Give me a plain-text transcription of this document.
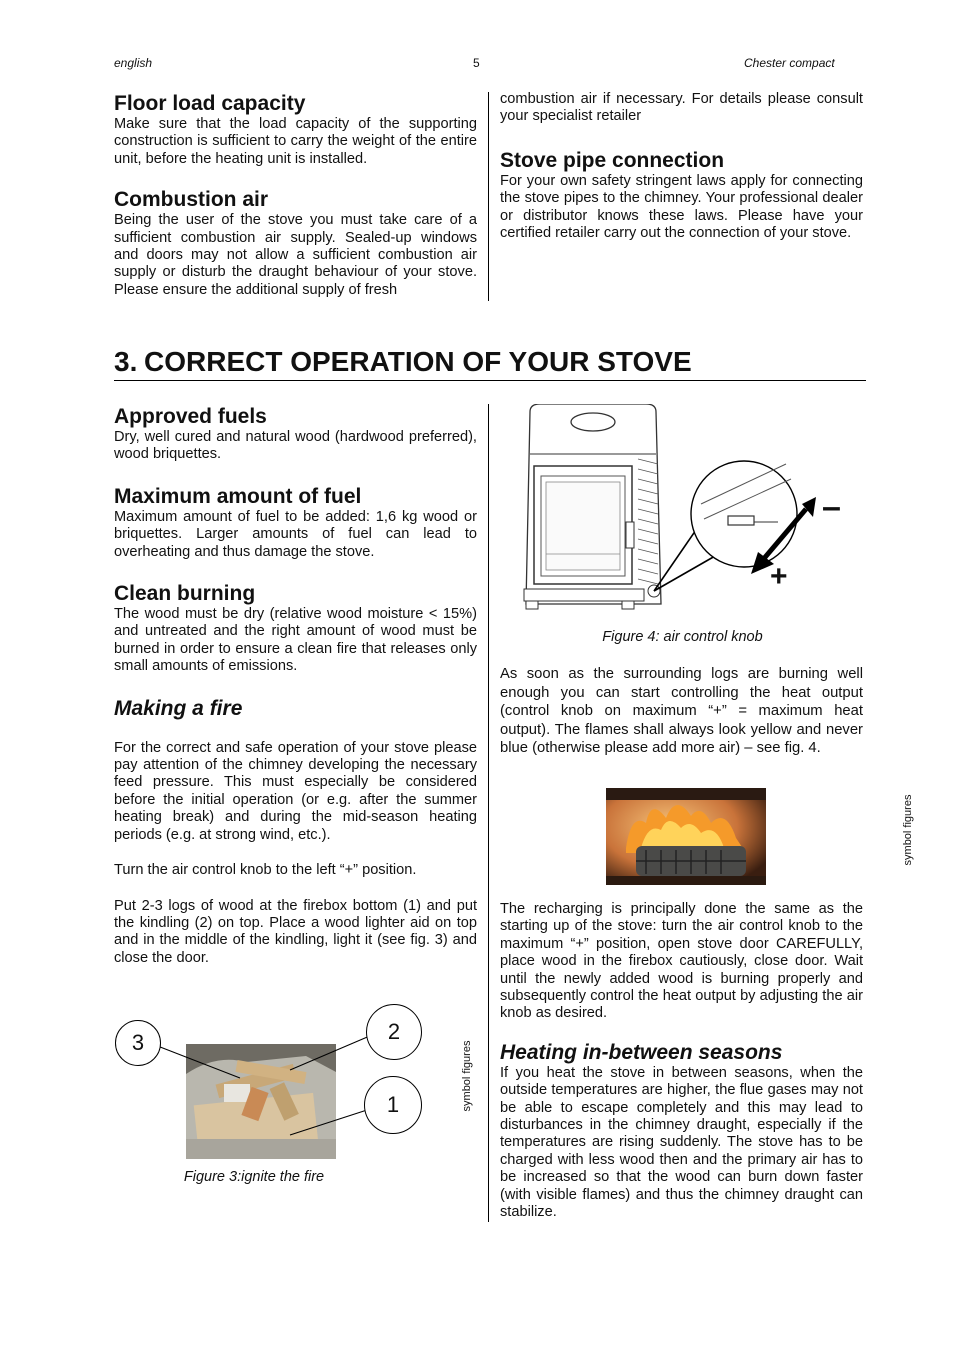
english	5	Chester compact
Floor load capacity

Make sure that the load capacity of the supporting construction is sufficient to carry the weight of the entire unit, before the heating unit is installed.

Combustion air

Being the user of the stove you must take care of a sufficient combustion air supply. Sealed-up windows and doors may not allow a sufficient combustion air supply or disturb the draught behaviour of your stove. Please ensure the additional supply of fresh

combustion air if necessary. For details please consult your specialist retailer

Stove pipe connection

For your own safety stringent laws apply for connecting the stove pipes to the chimney. Your professional dealer or distributor knows these laws. Please have your certified retailer carry out the connection of your stove.

3. CORRECT OPERATION OF YOUR STOVE
Approved fuels

Dry, well cured and natural wood (hardwood preferred), wood briquettes.

Maximum amount of fuel

Maximum amount of fuel to be added: 1,6 kg wood or briquettes. Larger amounts of fuel can lead to overheating and thus damage the stove.

Clean burning

The wood must be dry (relative wood moisture < 15%) and untreated and the right amount of wood must be burned in order to ensure a clean fire that releases only small amounts of emissions.

Making a fire

For the correct and safe operation of your stove please pay attention of the chimney developing the necessary feed pressure. This must especially be considered before the initial operation (or e.g. after the summer heating break) and during the mid-season heating periods (e.g. at strong wind, etc.).

Turn the air control knob to the left “+” position.

Put 2-3 logs of wood at the firebox bottom (1) and put the kindling (2) on top. Place a wood lighter aid on top and in the middle of the kindling, light it (see fig. 3) and close the door.

3	2
1
Figure 3:ignite the fire
symbol figures
–
+
Figure 4: air control knob

As soon as the surrounding logs are burning well enough you can start controlling the heat output (control knob on maximum “+” = maximum heat output). The flames shall always look yellow and never blue (otherwise please add more air) – see fig. 4.

The recharging is principally done the same as the starting up of the stove: turn the air control knob to the maximum “+” position, open stove door CAREFULLY, place wood in the firebox cautiously, close door. Wait until the newly added wood is burning properly and subsequently control the heat output by adjusting the air knob as desired.

Heating in-between seasons

If you heat the stove in between seasons, when the outside temperatures are higher, the flue gases may not be able to escape completely and this may lead to disturbances in the chimney draught, especially if the temperatures are rising suddenly. The stove has to be charged with less wood then and the primary air has to be increased so that the wood can burn down faster (with visible flames) and thus the chimney draught can stabilize.

symbol figures
